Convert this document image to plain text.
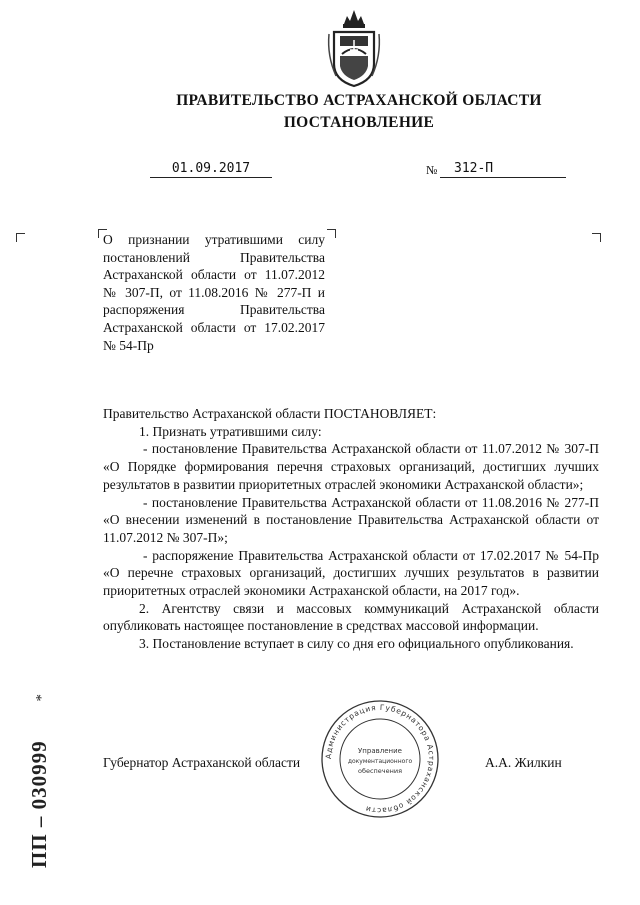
ПРАВИТЕЛЬСТВО АСТРАХАНСКОЙ ОБЛАСТИ
ПОСТАНОВЛЕНИЕ
01.09.2017	№	312-П
О признании утратившими силу постановлений Правительства Астраханской области от 11.07.2012 № 307-П, от 11.08.2016 № 277-П и распоряжения Правительства Астраханской области от 17.02.2017 № 54-Пр

Правительство Астраханской области ПОСТАНОВЛЯЕТ:

1. Признать утратившими силу:

- постановление Правительства Астраханской области от 11.07.2012 № 307-П «О Порядке формирования перечня страховых организаций, достигших лучших результатов в развитии приоритетных отраслей экономики Астраханской области»;

- постановление Правительства Астраханской области от 11.08.2016 № 277-П «О внесении изменений в постановление Правительства Астраханской области от 11.07.2012 № 307-П»;

- распоряжение Правительства Астраханской области от 17.02.2017 № 54-Пр «О перечне страховых организаций, достигших лучших результатов в развитии приоритетных отраслей экономики Астраханской области, на 2017 год».

2. Агентству связи и массовых коммуникаций Астраханской области опубликовать настоящее постановление в средствах массовой информации.

3. Постановление вступает в силу со дня его официального опубликования.

Администрация Губернатора Астраханской области
Управление
документационного
обеспечения
Губернатор Астраханской области	А.А. Жилкин
*
ПП – 030999
